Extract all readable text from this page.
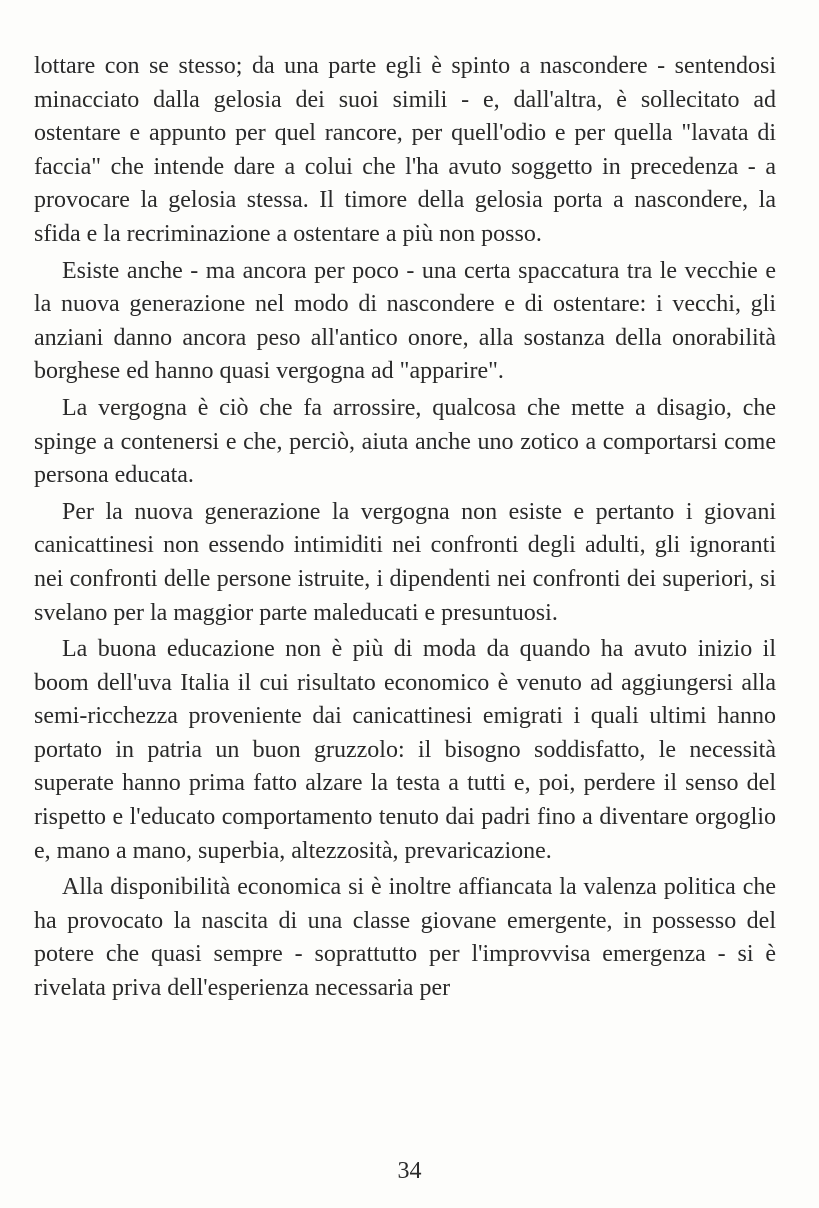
lottare con se stesso; da una parte egli è spinto a nascondere - sentendosi minacciato dalla gelosia dei suoi simili - e, dall'altra, è sollecitato ad ostentare e appunto per quel rancore, per quell'odio e per quella "lavata di faccia" che intende dare a colui che l'ha avuto soggetto in precedenza - a provocare la gelosia stessa. Il timore della gelosia porta a nascondere, la sfida e la recriminazione a ostentare a più non posso.

Esiste anche - ma ancora per poco - una certa spaccatura tra le vecchie e la nuova generazione nel modo di nascondere e di ostentare: i vecchi, gli anziani danno ancora peso all'antico onore, alla sostanza della onorabilità borghese ed hanno quasi vergogna ad "apparire".

La vergogna è ciò che fa arrossire, qualcosa che mette a disagio, che spinge a contenersi e che, perciò, aiuta anche uno zotico a comportarsi come persona educata.

Per la nuova generazione la vergogna non esiste e pertanto i giovani canicattinesi non essendo intimiditi nei confronti degli adulti, gli ignoranti nei confronti delle persone istruite, i dipendenti nei confronti dei superiori, si svelano per la maggior parte maleducati e presuntuosi.

La buona educazione non è più di moda da quando ha avuto inizio il boom dell'uva Italia il cui risultato economico è venuto ad aggiungersi alla semi-ricchezza proveniente dai canicattinesi emigrati i quali ultimi hanno portato in patria un buon gruzzolo: il bisogno soddisfatto, le necessità superate hanno prima fatto alzare la testa a tutti e, poi, perdere il senso del rispetto e l'educato comportamento tenuto dai padri fino a diventare orgoglio e, mano a mano, superbia, altezzosità, prevaricazione.

Alla disponibilità economica si è inoltre affiancata la valenza politica che ha provocato la nascita di una classe giovane emergente, in possesso del potere che quasi sempre - soprattutto per l'improvvisa emergenza - si è rivelata priva dell'esperienza necessaria per

34
